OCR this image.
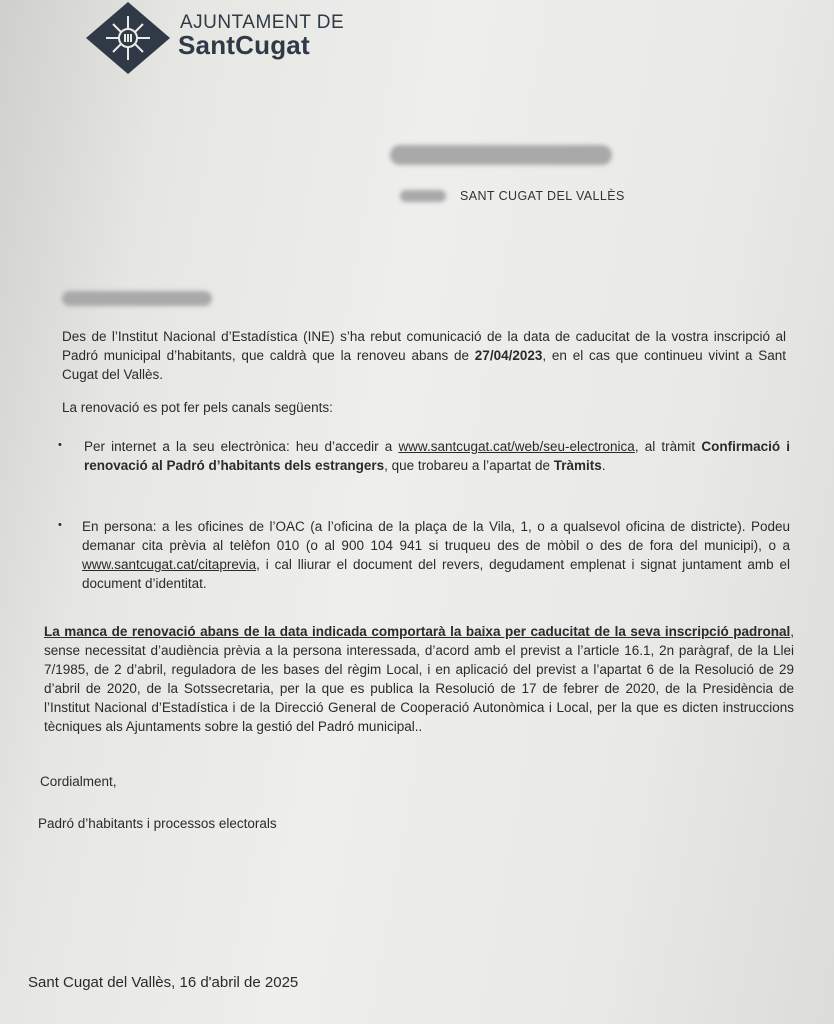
AJUNTAMENT DE
SantCugat
SANT CUGAT DEL VALLÈS

Des de l’Institut Nacional d’Estadística (INE) s’ha rebut comunicació de la data de caducitat de la vostra inscripció al Padró municipal d’habitants, que caldrà que la renoveu abans de 27/04/2023, en el cas que continueu vivint a Sant Cugat del Vallès.

La renovació es pot fer pels canals següents:

•	Per internet a la seu electrònica: heu d’accedir a www.santcugat.cat/web/seu-electronica, al tràmit Confirmació i renovació al Padró d’habitants dels estrangers, que trobareu a l’apartat de Tràmits.

•	En persona: a les oficines de l’OAC (a l’oficina de la plaça de la Vila, 1, o a qualsevol oficina de districte). Podeu demanar cita prèvia al telèfon 010 (o al 900 104 941 si truqueu des de mòbil o des de fora del municipi), o a www.santcugat.cat/citaprevia, i cal lliurar el document del revers, degudament emplenat i signat juntament amb el document d’identitat.

La manca de renovació abans de la data indicada comportarà la baixa per caducitat de la seva inscripció padronal, sense necessitat d’audiència prèvia a la persona interessada, d’acord amb el previst a l’article 16.1, 2n paràgraf, de la Llei 7/1985, de 2 d’abril, reguladora de les bases del règim Local, i en aplicació del previst a l’apartat 6 de la Resolució de 29 d’abril de 2020, de la Sotssecretaria, per la que es publica la Resolució de 17 de febrer de 2020, de la Presidència de l’Institut Nacional d’Estadística i de la Direcció General de Cooperació Autonòmica i Local, per la que es dicten instruccions tècniques als Ajuntaments sobre la gestió del Padró municipal..

Cordialment,

Padró d’habitants i processos electorals

Sant Cugat del Vallès, 16 d'abril de 2025
